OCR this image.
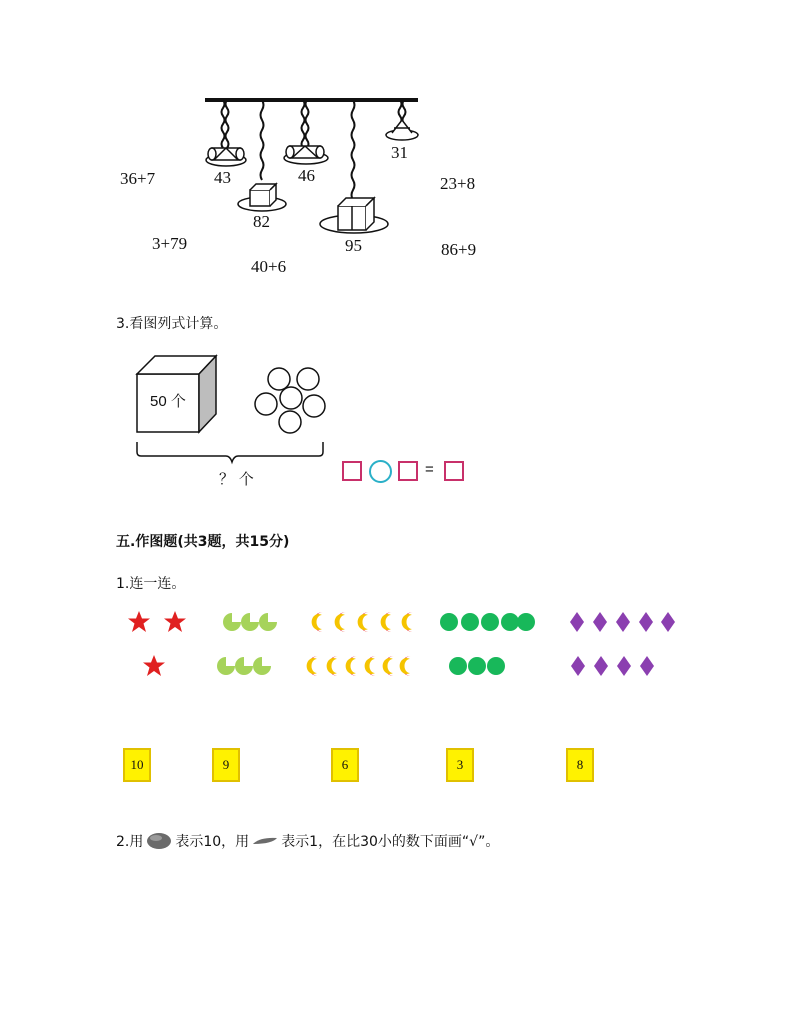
43	46
31
82
95
36+7	23+8
3+79	86+9
40+6
3.看图列式计算。
50 个
？ 个
=
五.作图题(共3题，共15分)
1.连一连。
10	9	6	3	8
2.用 表示10，用 表示1，在比30小的数下面画“√”。
